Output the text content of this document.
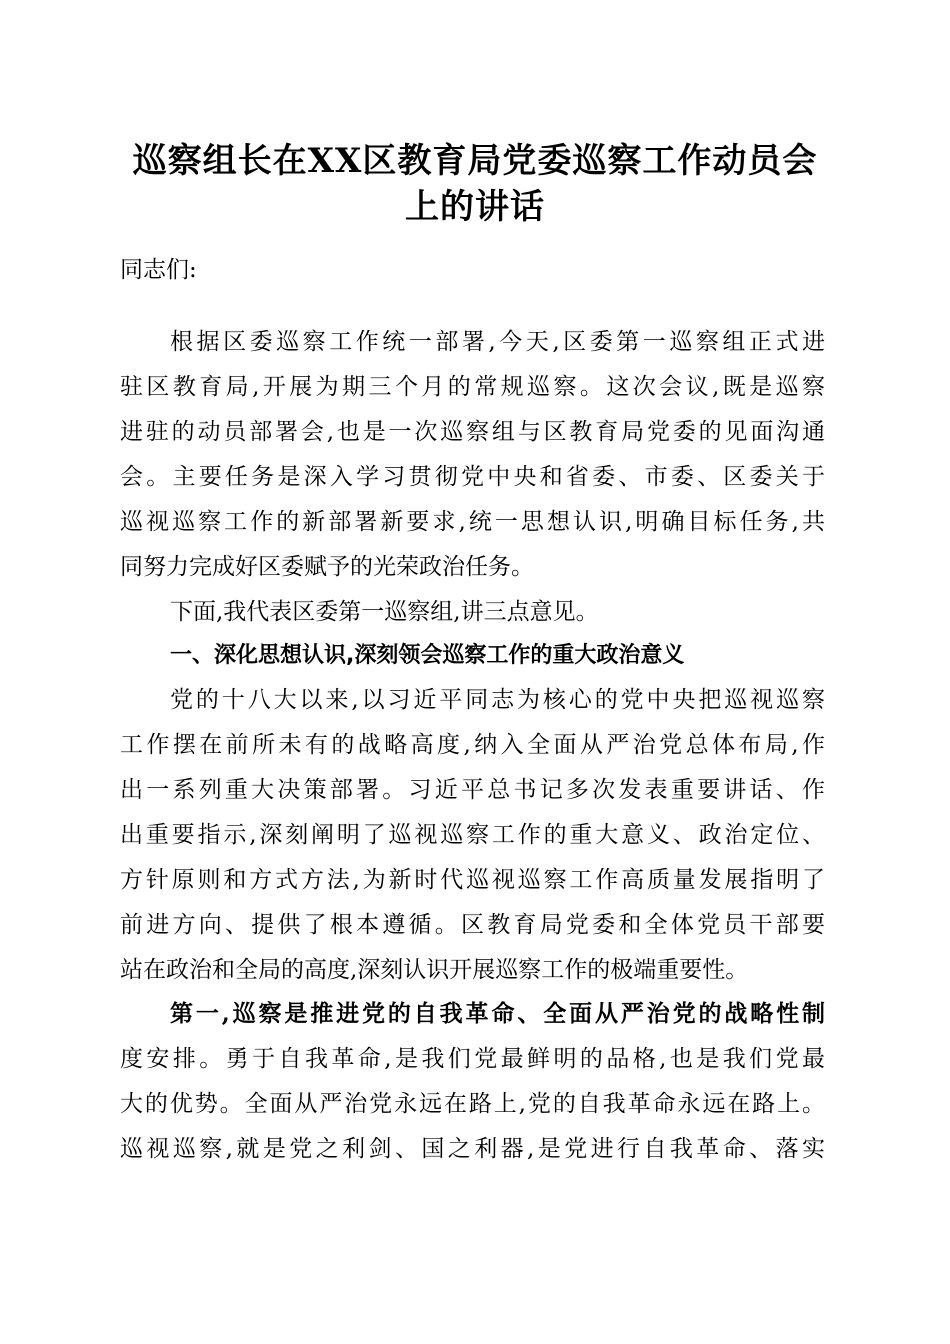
巡察组长在XX区教育局党委巡察工作动员会
上的讲话

同志们:

根据区委巡察工作统一部署,今天,区委第一巡察组正式进

驻区教育局,开展为期三个月的常规巡察。这次会议,既是巡察

进驻的动员部署会,也是一次巡察组与区教育局党委的见面沟通

会。主要任务是深入学习贯彻党中央和省委、市委、区委关于

巡视巡察工作的新部署新要求,统一思想认识,明确目标任务,共

同努力完成好区委赋予的光荣政治任务。

下面,我代表区委第一巡察组,讲三点意见。

一、深化思想认识,深刻领会巡察工作的重大政治意义

党的十八大以来,以习近平同志为核心的党中央把巡视巡察

工作摆在前所未有的战略高度,纳入全面从严治党总体布局,作

出一系列重大决策部署。习近平总书记多次发表重要讲话、作

出重要指示,深刻阐明了巡视巡察工作的重大意义、政治定位、

方针原则和方式方法,为新时代巡视巡察工作高质量发展指明了

前进方向、提供了根本遵循。区教育局党委和全体党员干部要

站在政治和全局的高度,深刻认识开展巡察工作的极端重要性。

第一,巡察是推进党的自我革命、全面从严治党的战略性制

度安排。勇于自我革命,是我们党最鲜明的品格,也是我们党最

大的优势。全面从严治党永远在路上,党的自我革命永远在路上。

巡视巡察,就是党之利剑、国之利器,是党进行自我革命、落实
